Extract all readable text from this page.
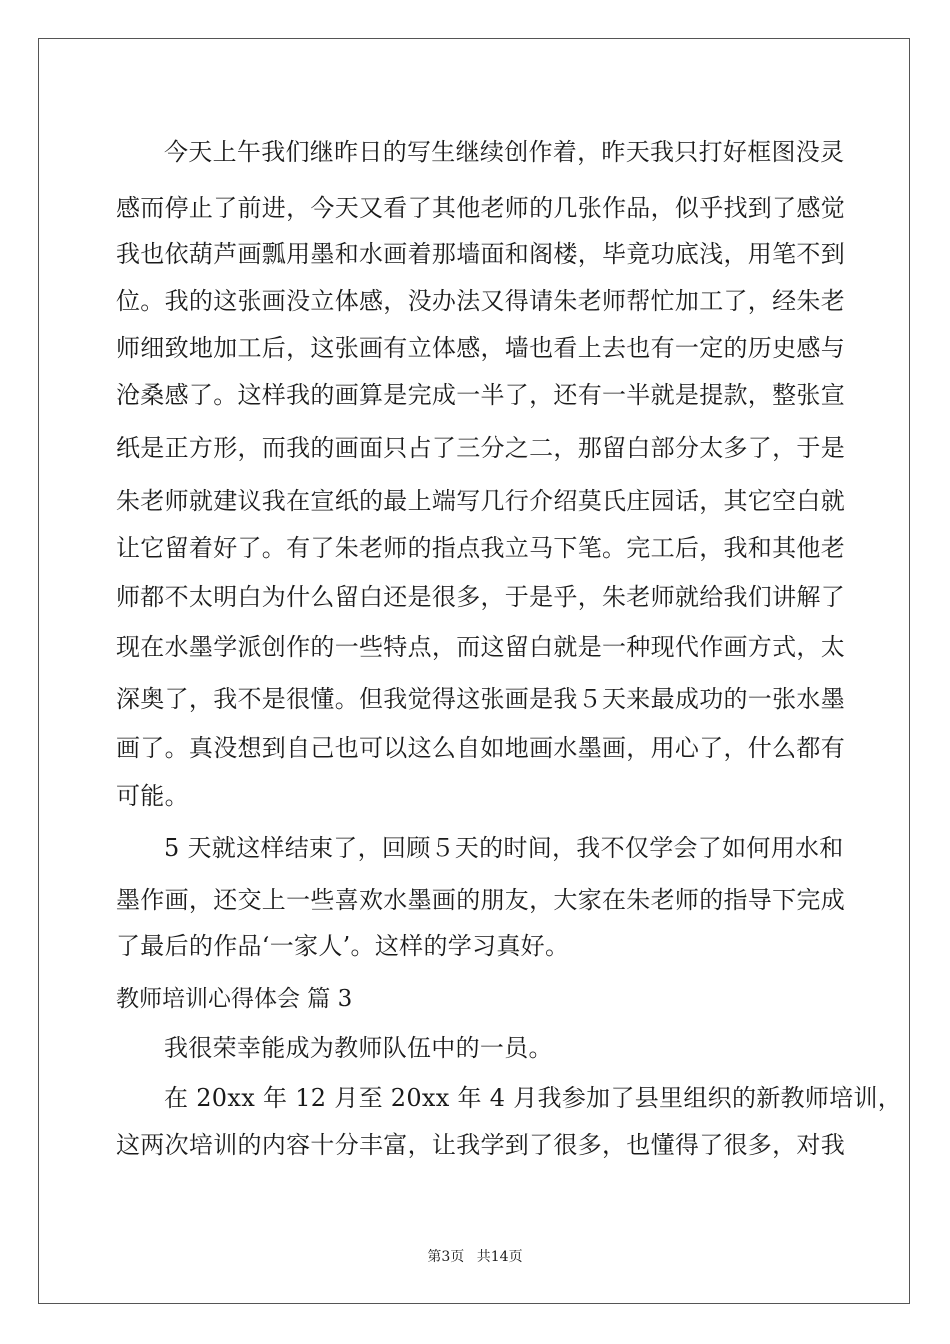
今天上午我们继昨日的写生继续创作着，昨天我只打好框图没灵
感而停止了前进，今天又看了其他老师的几张作品，似乎找到了感觉
我也依葫芦画瓢用墨和水画着那墙面和阁楼，毕竟功底浅，用笔不到
位。我的这张画没立体感，没办法又得请朱老师帮忙加工了，经朱老
师细致地加工后，这张画有立体感，墙也看上去也有一定的历史感与
沧桑感了。这样我的画算是完成一半了，还有一半就是提款，整张宣
纸是正方形，而我的画面只占了三分之二，那留白部分太多了，于是
朱老师就建议我在宣纸的最上端写几行介绍莫氏庄园话，其它空白就
让它留着好了。有了朱老师的指点我立马下笔。完工后，我和其他老
师都不太明白为什么留白还是很多，于是乎，朱老师就给我们讲解了
现在水墨学派创作的一些特点，而这留白就是一种现代作画方式，太
深奥了，我不是很懂。但我觉得这张画是我５天来最成功的一张水墨
画了。真没想到自己也可以这么自如地画水墨画，用心了，什么都有
可能。
5 天就这样结束了，回顾５天的时间，我不仅学会了如何用水和
墨作画，还交上一些喜欢水墨画的朋友，大家在朱老师的指导下完成
了最后的作品‘一家人’。这样的学习真好。
教师培训心得体会 篇 3
我很荣幸能成为教师队伍中的一员。
在 20xx 年 12 月至 20xx 年 4 月我参加了县里组织的新教师培训，
这两次培训的内容十分丰富，让我学到了很多，也懂得了很多，对我
第3页 共14页
